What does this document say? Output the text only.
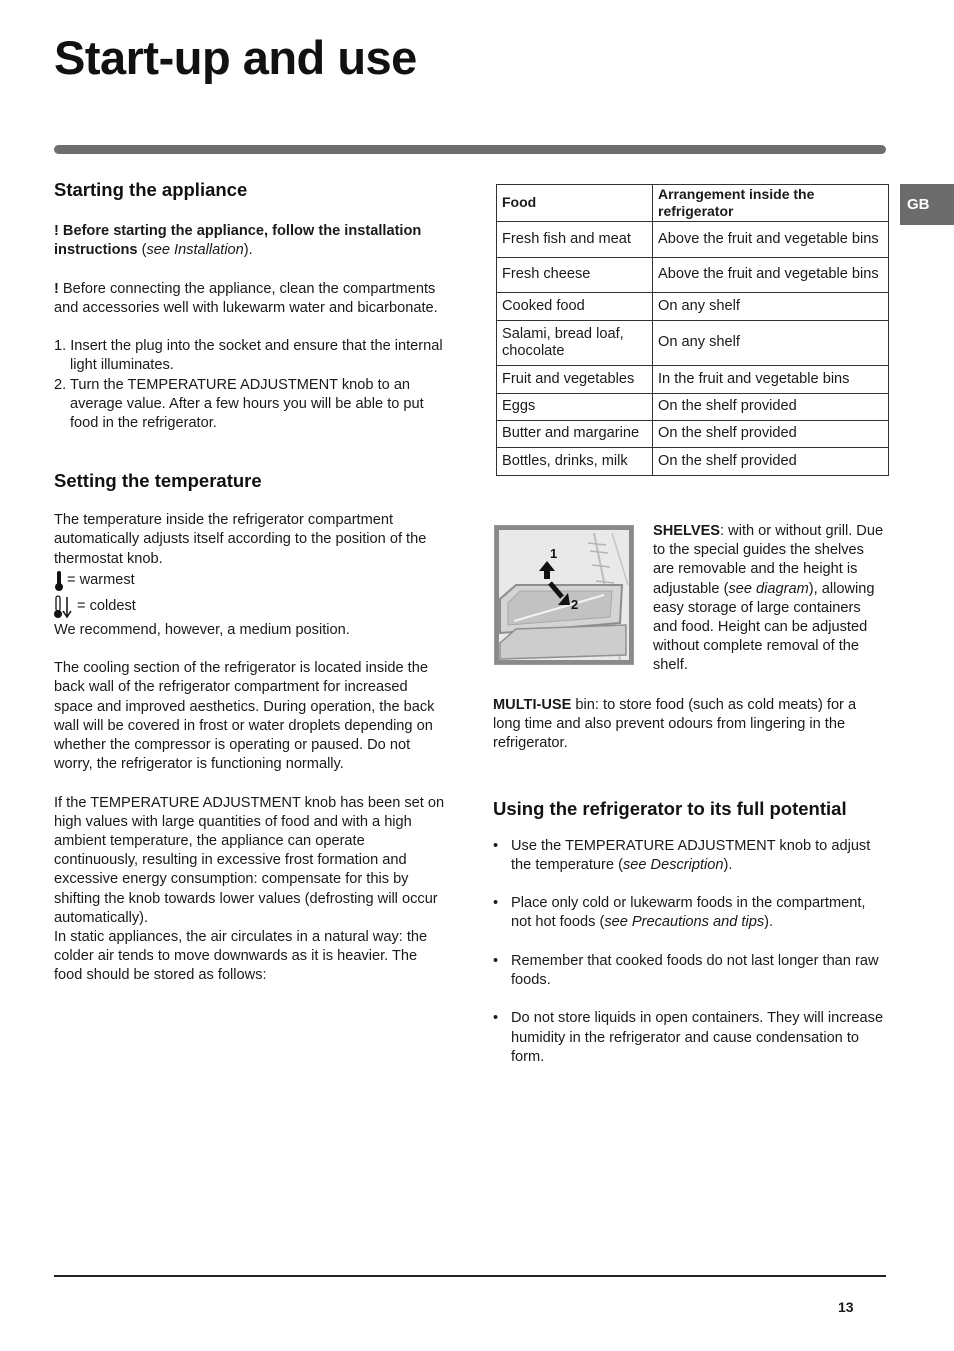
Start-up and use
GB
Starting the appliance

! Before starting the appliance, follow the installation instructions (see Installation).

! Before connecting the appliance, clean the compartments and accessories well with lukewarm water and bicarbonate.

1. Insert the plug into the socket and ensure that the internal light illuminates.
2. Turn the TEMPERATURE ADJUSTMENT knob to an average value. After a few hours you will be able to put food in the refrigerator.
Setting the temperature

The temperature inside the refrigerator compartment automatically adjusts itself according to the position of the thermostat knob.

= warmest
= coldest

We recommend, however, a medium position.

The cooling section of the refrigerator is located inside the back wall of the refrigerator compartment for increased space and improved aesthetics. During operation, the back wall will be covered in frost or water droplets depending on whether the compressor is operating or paused. Do not worry, the refrigerator is functioning normally.

If the TEMPERATURE ADJUSTMENT knob has been set on high values with large quantities of food and with a high ambient temperature, the appliance can operate continuously, resulting in excessive frost formation and excessive energy consumption: compensate for this by shifting the knob towards lower values (defrosting will occur automatically).

In static appliances, the air circulates in a natural way: the colder air tends to move downwards as it is heavier. The food should be stored as follows:

Food	Arrangement inside the refrigerator
Fresh fish and meat	Above the fruit and vegetable bins
Fresh cheese	Above the fruit and vegetable bins
Cooked food	On any shelf
Salami, bread loaf, chocolate	On any shelf
Fruit and vegetables	In the fruit and vegetable bins
Eggs	On the shelf provided
Butter and margarine	On the shelf provided
Bottles, drinks, milk	On the shelf provided
1
2

SHELVES: with or without grill. Due to the special guides the shelves are removable and the height is adjustable (see diagram), allowing easy storage of large containers and food. Height can be adjusted without complete removal of the shelf.

MULTI-USE bin: to store food (such as cold meats) for a long time and also prevent odours from lingering in the refrigerator.

Using the refrigerator to its full potential
• Use the TEMPERATURE ADJUSTMENT knob to adjust the temperature (see Description).
• Place only cold or lukewarm foods in the compartment, not hot foods (see Precautions and tips).
• Remember that cooked foods do not last longer than raw foods.
• Do not store liquids in open containers. They will increase humidity in the refrigerator and cause condensation to form.
13
